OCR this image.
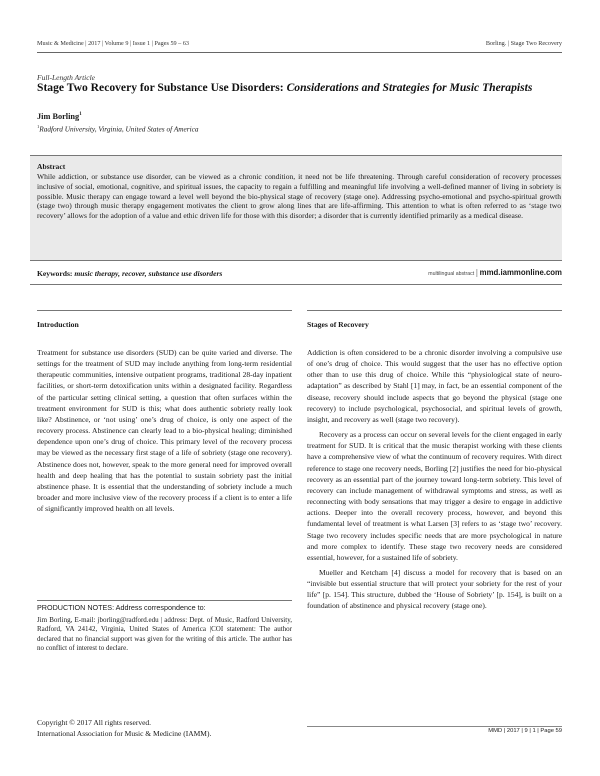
Music & Medicine | 2017 | Volume 9 | Issue 1 | Pages 59 – 63	Borling. | Stage Two Recovery
Full-Length Article
Stage Two Recovery for Substance Use Disorders: Considerations and Strategies for Music Therapists
Jim Borling$^1$
$^1$Radford University, Virginia, United States of America
Abstract

While addiction, or substance use disorder, can be viewed as a chronic condition, it need not be life threatening. Through careful consideration of recovery processes inclusive of social, emotional, cognitive, and spiritual issues, the capacity to regain a fulfilling and meaningful life involving a well-defined manner of living in sobriety is possible. Music therapy can engage toward a level well beyond the bio-physical stage of recovery (stage one). Addressing psycho-emotional and psycho-spiritual growth (stage two) through music therapy engagement motivates the client to grow along lines that are life-affirming. This attention to what is often referred to as ‘stage two recovery’ allows for the adoption of a value and ethic driven life for those with this disorder; a disorder that is currently identified primarily as a medical disease.

Keywords: music therapy, recover, substance use disorders	multilingual abstract | mmd.iammonline.com
Introduction

Treatment for substance use disorders (SUD) can be quite varied and diverse. The settings for the treatment of SUD may include anything from long-term residential therapeutic communities, intensive outpatient programs, traditional 28-day inpatient facilities, or short-term detoxification units within a designated facility. Regardless of the particular setting clinical setting, a question that often surfaces within the treatment environment for SUD is this; what does authentic sobriety really look like? Abstinence, or ‘not using’ one’s drug of choice, is only one aspect of the recovery process. Abstinence can clearly lead to a bio-physical healing; diminished dependence upon one’s drug of choice. This primary level of the recovery process may be viewed as the necessary first stage of a life of sobriety (stage one recovery). Abstinence does not, however, speak to the more general need for improved overall health and deep healing that has the potential to sustain sobriety past the initial abstinence phase. It is essential that the understanding of sobriety include a much broader and more inclusive view of the recovery process if a client is to enter a life of significantly improved health on all levels.

PRODUCTION NOTES: Address correspondence to:

Jim Borling, E-mail: jborling@radford.edu | address: Dept. of Music, Radford University, Radford, VA 24142, Virginia, United States of America |COI statement: The author declared that no financial support was given for the writing of this article. The author has no conflict of interest to declare.

Stages of Recovery

Addiction is often considered to be a chronic disorder involving a compulsive use of one’s drug of choice. This would suggest that the user has no effective option other than to use this drug of choice. While this “physiological state of neuro-adaptation” as described by Stahl [1] may, in fact, be an essential component of the disease, recovery should include aspects that go beyond the physical (stage one recovery) to include psychological, psychosocial, and spiritual levels of growth, insight, and recovery as well (stage two recovery).

Recovery as a process can occur on several levels for the client engaged in early treatment for SUD. It is critical that the music therapist working with these clients have a comprehensive view of what the continuum of recovery requires. With direct reference to stage one recovery needs, Borling [2] justifies the need for bio-physical recovery as an essential part of the journey toward long-term sobriety. This level of recovery can include management of withdrawal symptoms and stress, as well as reconnecting with body sensations that may trigger a desire to engage in addictive actions. Deeper into the overall recovery process, however, and beyond this fundamental level of treatment is what Larsen [3] refers to as ‘stage two’ recovery. Stage two recovery includes specific needs that are more psychological in nature and more complex to identify. These stage two recovery needs are considered essential, however, for a sustained life of sobriety.

Mueller and Ketcham [4] discuss a model for recovery that is based on an “invisible but essential structure that will protect your sobriety for the rest of your life” [p. 154]. This structure, dubbed the ‘House of Sobriety’ [p. 154], is built on a foundation of abstinence and physical recovery (stage one).

Copyright © 2017 All rights reserved.
International Association for Music & Medicine (IAMM).	MMD | 2017 | 9 | 1 | Page 59
